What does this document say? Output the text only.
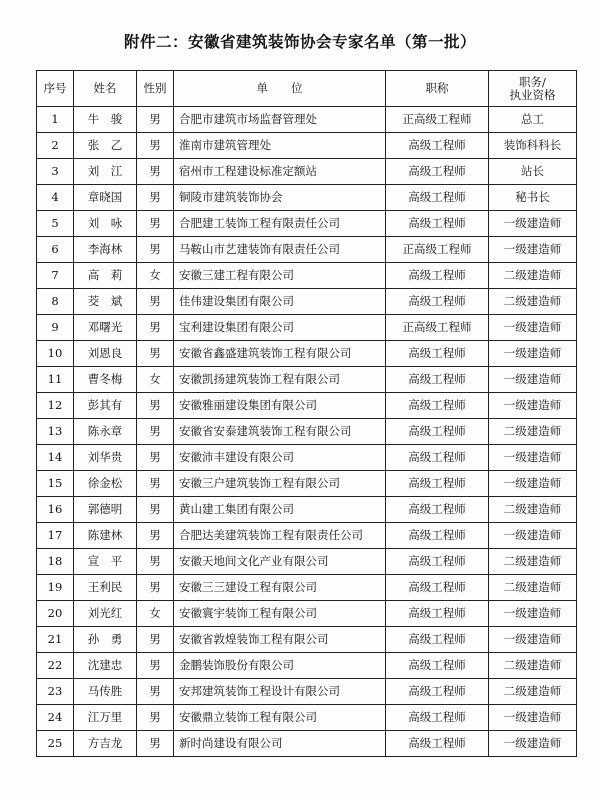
附件二：安徽省建筑装饰协会专家名单（第一批）
序号	姓名	性别	单　　位	职称	职务/
执业资格

1	牛　骏	男	合肥市建筑市场监督管理处	正高级工程师	总工
2	张　乙	男	淮南市建筑管理处	高级工程师	装饰科科长
3	刘　江	男	宿州市工程建设标准定额站	高级工程师	站长
4	章晓国	男	铜陵市建筑装饰协会	高级工程师	秘书长
5	刘　咏	男	合肥建工装饰工程有限责任公司	高级工程师	一级建造师
6	李海林	男	马鞍山市艺建装饰有限责任公司	正高级工程师	一级建造师
7	高　莉	女	安徽三建工程有限公司	高级工程师	二级建造师
8	茭　斌	男	佳伟建设集团有限公司	高级工程师	二级建造师
9	邓曙光	男	宝利建设集团有限公司	正高级工程师	一级建造师
10	刘恩良	男	安徽省鑫盛建筑装饰工程有限公司	高级工程师	一级建造师
11	曹冬梅	女	安徽凯扬建筑装饰工程有限公司	高级工程师	一级建造师
12	彭其有	男	安徽雅丽建设集团有限公司	高级工程师	一级建造师
13	陈永章	男	安徽省安泰建筑装饰工程有限公司	高级工程师	二级建造师
14	刘华贵	男	安徽沛丰建设有限公司	高级工程师	一级建造师
15	徐金松	男	安徽三户建筑装饰工程有限公司	高级工程师	一级建造师
16	郭德明	男	黄山建工集团有限公司	高级工程师	二级建造师
17	陈建林	男	合肥达美建筑装饰工程有限责任公司	高级工程师	一级建造师
18	宣　平	男	安徽天地间文化产业有限公司	高级工程师	二级建造师
19	王利民	男	安徽三三建设工程有限公司	高级工程师	二级建造师
20	刘光红	女	安徽寰宇装饰工程有限公司	高级工程师	一级建造师
21	孙　勇	男	安徽省敦煌装饰工程有限公司	高级工程师	一级建造师
22	沈建忠	男	金鹏装饰股份有限公司	高级工程师	二级建造师
23	马传胜	男	安邦建筑装饰工程设计有限公司	高级工程师	二级建造师
24	江万里	男	安徽鼎立装饰工程有限公司	高级工程师	一级建造师
25	方吉龙	男	新时尚建设有限公司	高级工程师	一级建造师
